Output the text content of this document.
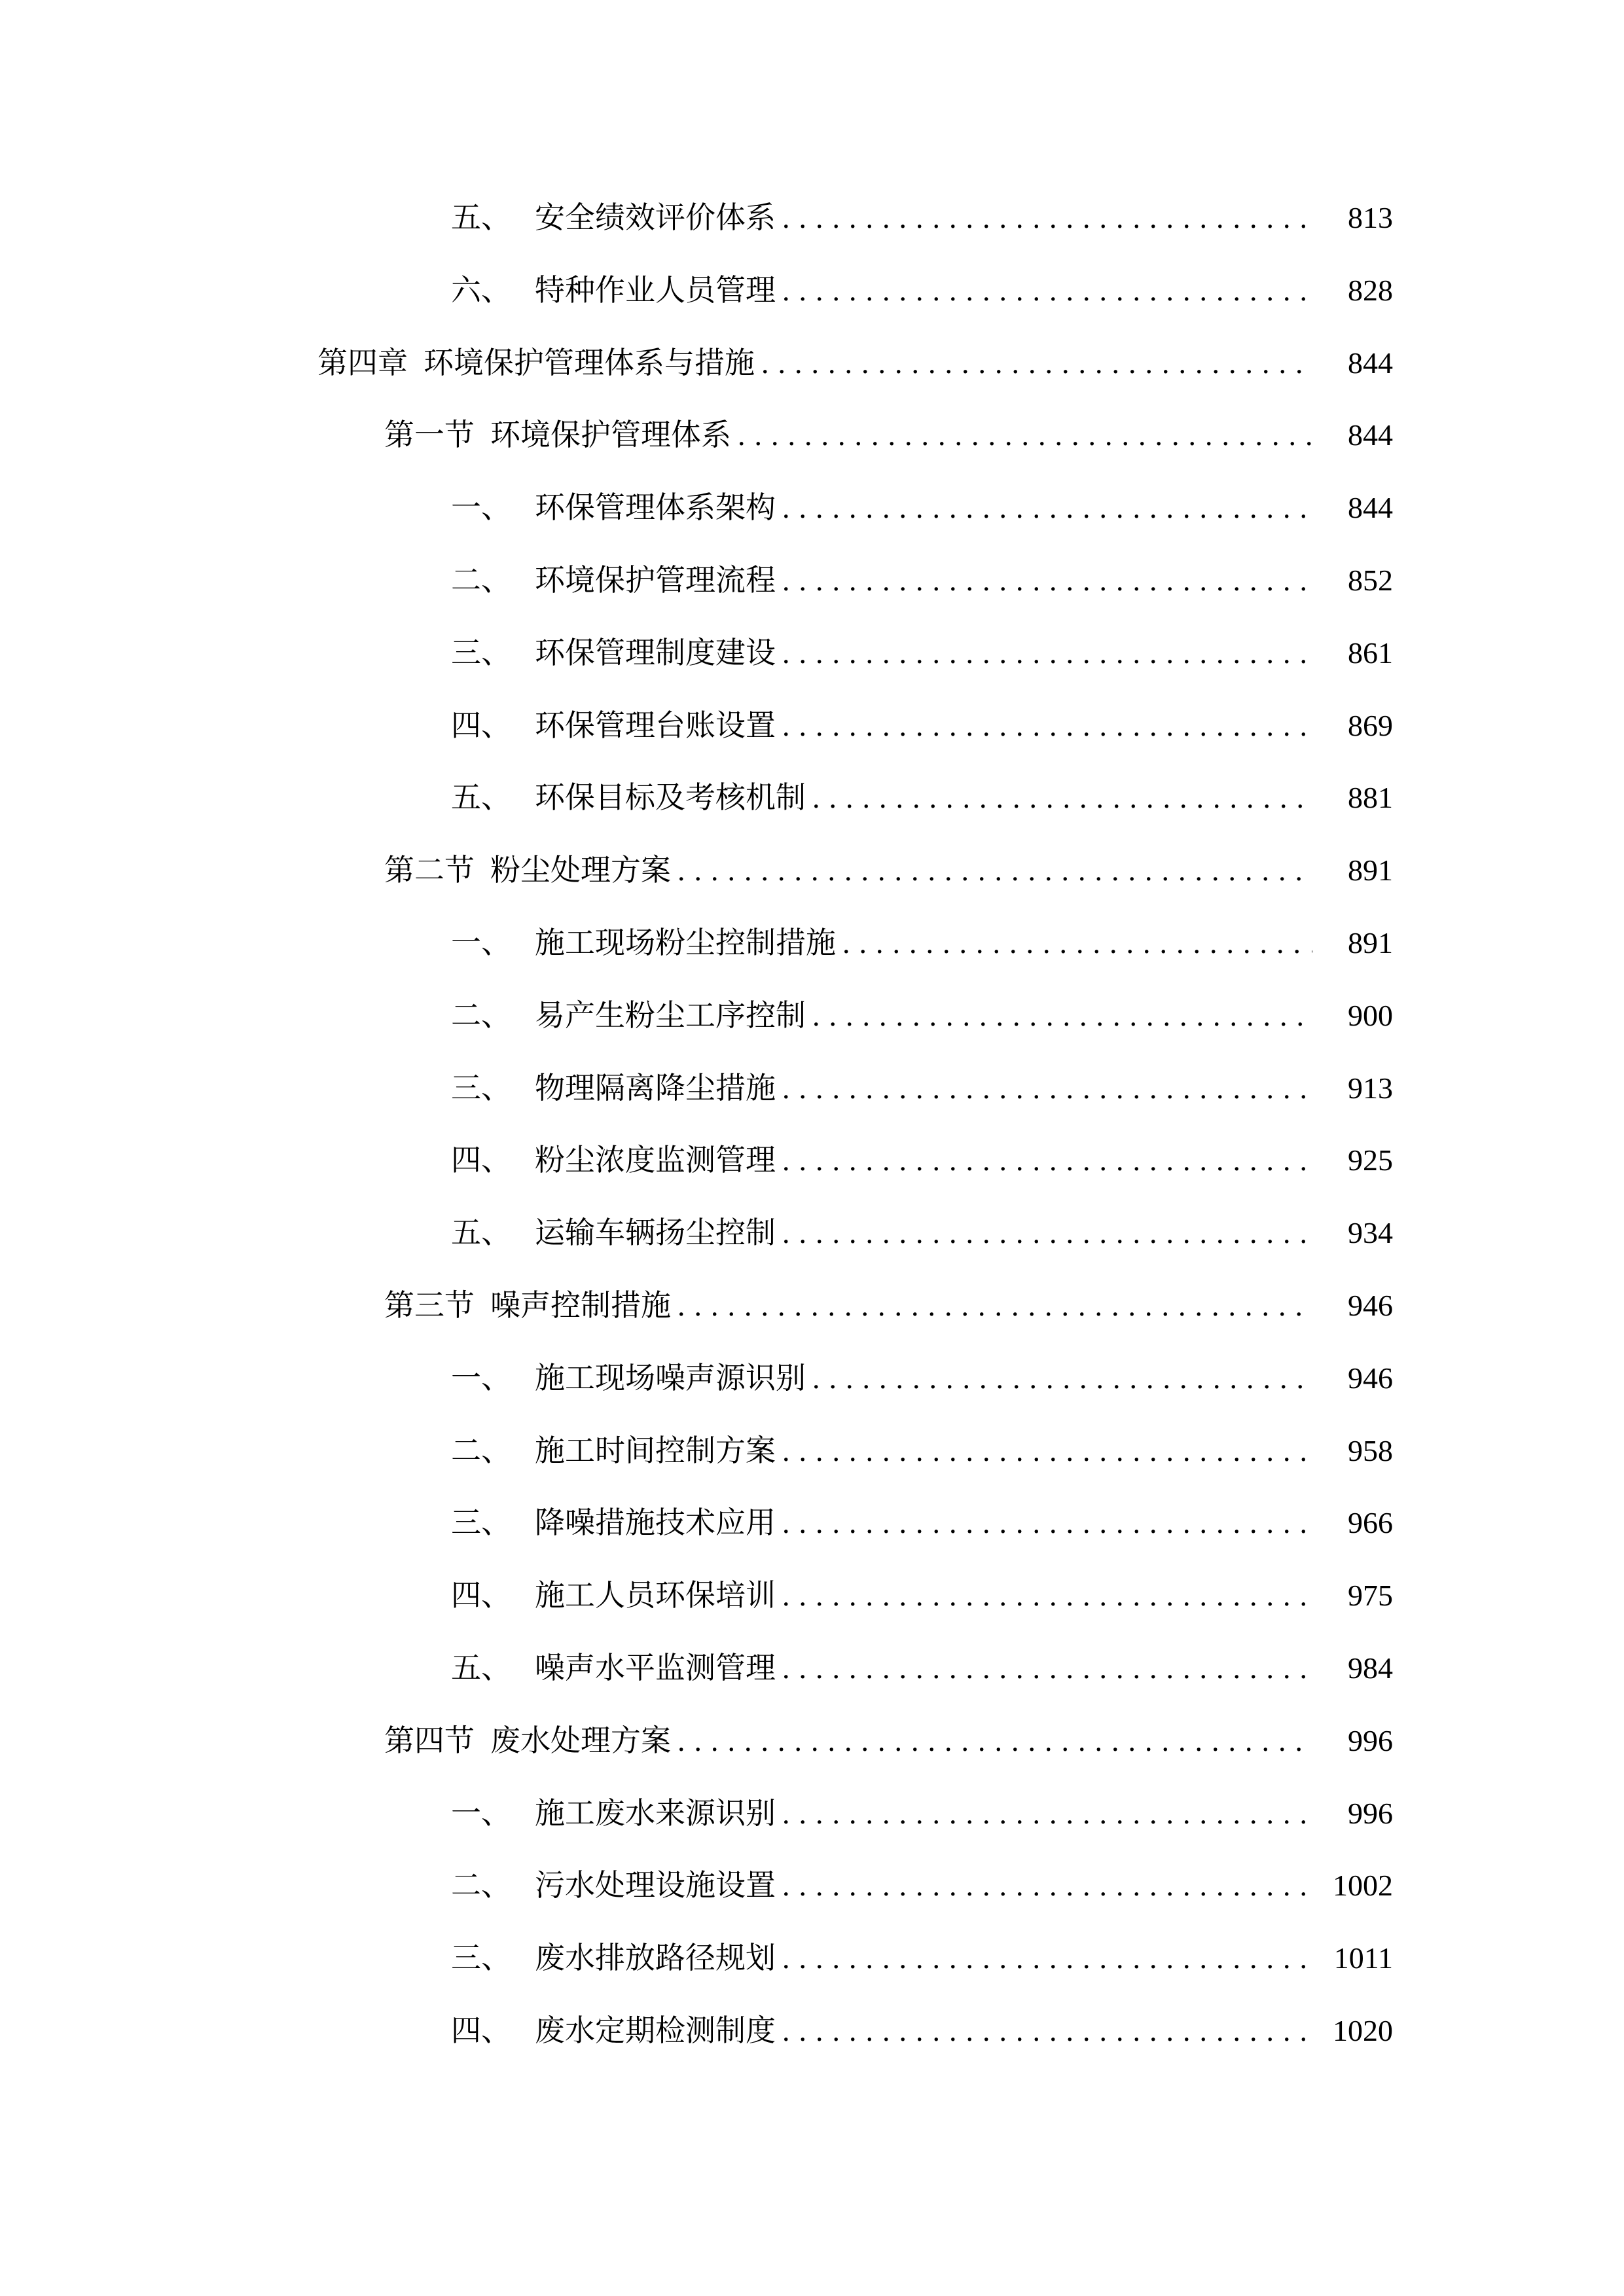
五、 安全绩效评价体系 .....	813
六、 特种作业人员管理 .....	828
第四章 环境保护管理体系与措施 .....	844
第一节 环境保护管理体系 .....	844
一、 环保管理体系架构 .....	844
二、 环境保护管理流程 .....	852
三、 环保管理制度建设 .....	861
四、 环保管理台账设置 .....	869
五、 环保目标及考核机制 .....	881
第二节 粉尘处理方案 .....	891
一、 施工现场粉尘控制措施 .....	891
二、 易产生粉尘工序控制 .....	900
三、 物理隔离降尘措施 .....	913
四、 粉尘浓度监测管理 .....	925
五、 运输车辆扬尘控制 .....	934
第三节 噪声控制措施 .....	946
一、 施工现场噪声源识别 .....	946
二、 施工时间控制方案 .....	958
三、 降噪措施技术应用 .....	966
四、 施工人员环保培训 .....	975
五、 噪声水平监测管理 .....	984
第四节 废水处理方案 .....	996
一、 施工废水来源识别 .....	996
二、 污水处理设施设置 .....	1002
三、 废水排放路径规划 .....	1011
四、 废水定期检测制度 .....	1020
